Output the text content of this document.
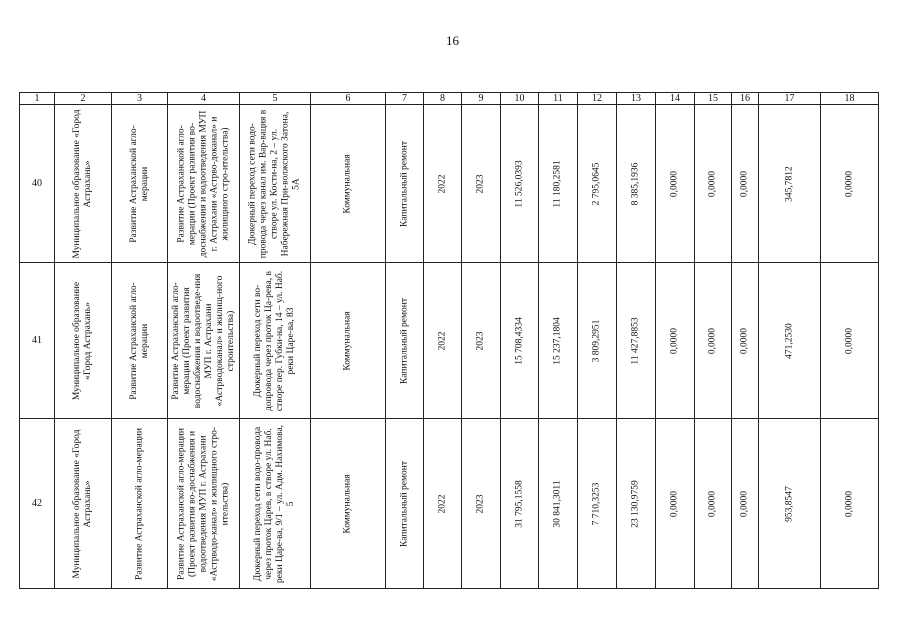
16
1	2	3	4	5	6	7	8	9	10	11	12	13	14	15	16	17	18
40	Муниципальное образование «Город Астрахань»	Развитие Астраханской агло-мерации	Развитие Астраханской агло-мерации (Проект развития во-доснабжения и водоотведения МУП г. Астрахани «Астрво-доканал» и жилищного стро-ительства)	Дюкерный переход сети водо-провода через канал им. Вар-вация в створе ул. Кости-на, 2 – ул. Набережная При-волжского Затона, 5А	Коммунальная	Капитальный ремонт	2022	2023	11 526,0393	11 180,2581	2 795,0645	8 385,1936	0,0000	0,0000	0,0000	345,7812	0,0000

41	Муниципальное образование «Город Астрахань»	Развитие Астраханской агло-мерации	Развитие Астраханской агло-мерации (Проект развития водоснабжения и водоотведе-ния МУП г. Астрахани «Астрводоканал» и жилищ-ного строительства)	Дюкерный переход сети во-допровода через проток Ца-рева, в створе пер. Губки-на, 14 – ул. Наб. реки Царе-ва, 83	Коммунальная	Капитальный ремонт	2022	2023	15 708,4334	15 237,1804	3 809,2951	11 427,8853	0,0000	0,0000	0,0000	471,2530	0,0000

42	Муниципальное образование «Город Астрахань»	Развитие Астраханской агло-мерации	Развитие Астраханской агло-мерации (Проект развития во-доснабжения и водоотведения МУП г. Астрахани «Астрводо-канал» и жилищного стро-ительства)	Дюкерный переход сети водо-провода через проток Царев, в створе ул. Наб. реки Царе-ва, 9/1 – ул. Адм. Нахимова, 5	Коммунальная	Капитальный ремонт	2022	2023	31 795,1558	30 841,3011	7 710,3253	23 130,9759	0,0000	0,0000	0,0000	953,8547	0,0000
